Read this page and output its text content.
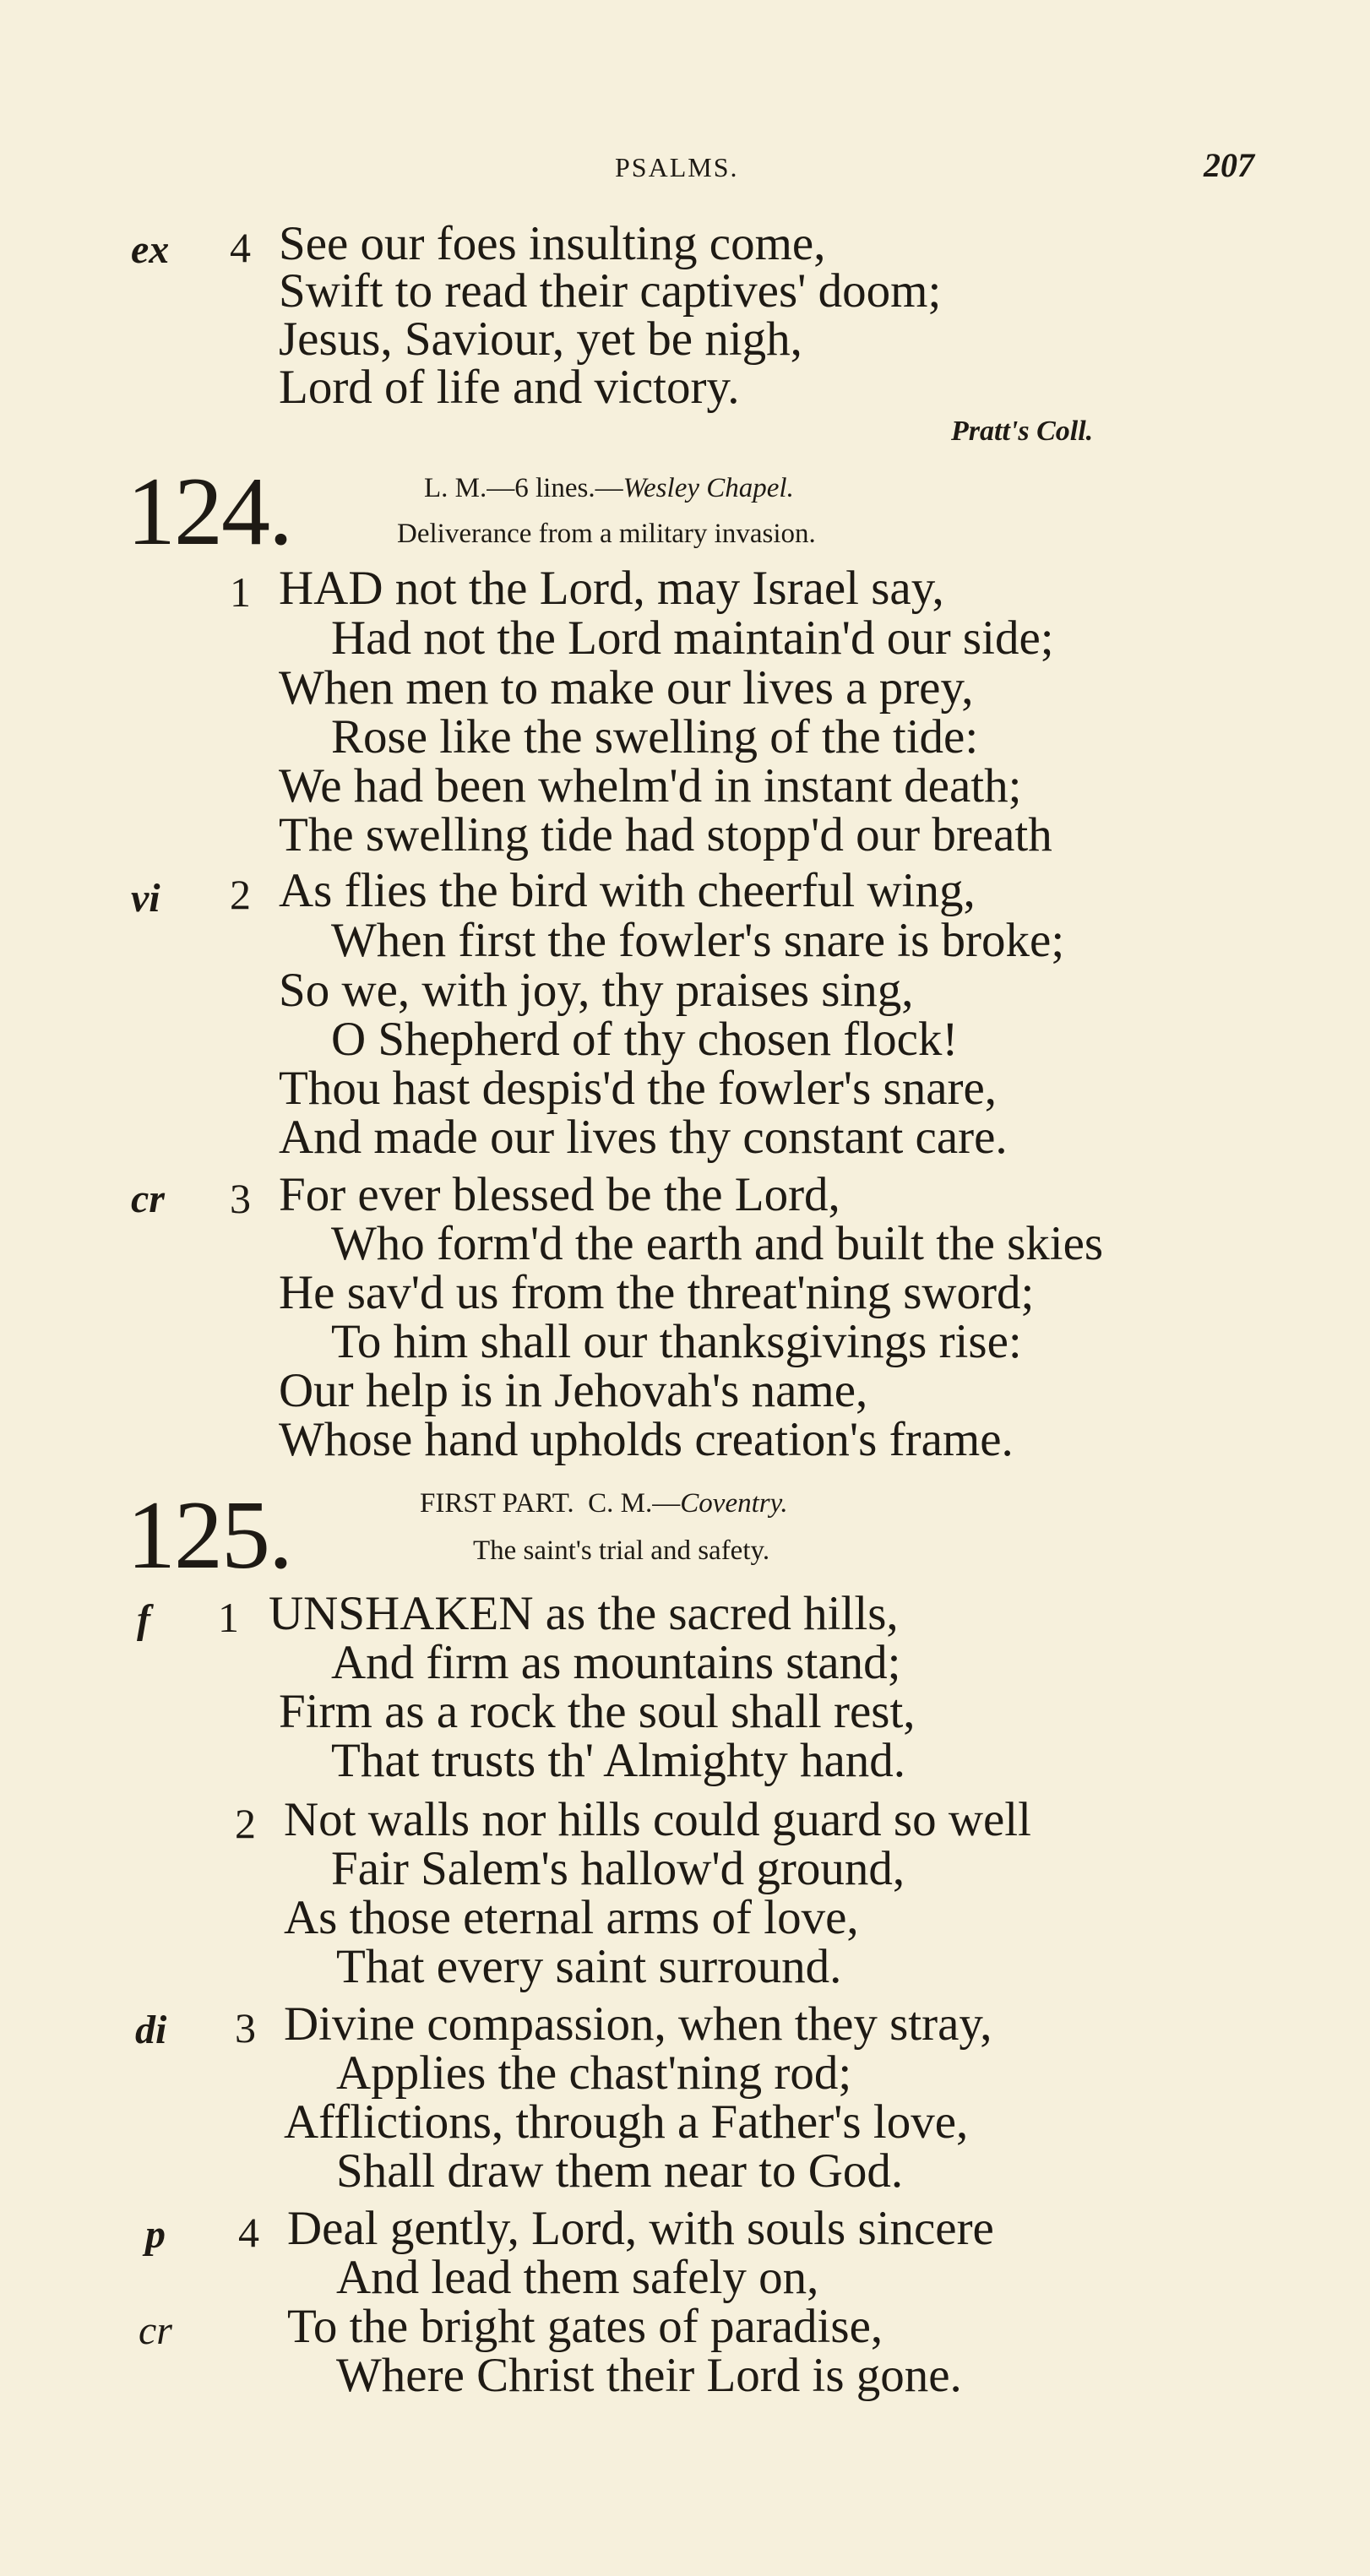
PSALMS.	207
ex 4 See our foes insulting come,
Swift to read their captives' doom;
Jesus, Saviour, yet be nigh,
Lord of life and victory.
Pratt's Coll.
124.	L. M.—6 lines.—Wesley Chapel.
Deliverance from a military invasion.
1 HAD not the Lord, may Israel say,
Had not the Lord maintain'd our side;
When men to make our lives a prey,
Rose like the swelling of the tide:
We had been whelm'd in instant death;
The swelling tide had stopp'd our breath
vi 2 As flies the bird with cheerful wing,
When first the fowler's snare is broke;
So we, with joy, thy praises sing,
O Shepherd of thy chosen flock!
Thou hast despis'd the fowler's snare,
And made our lives thy constant care.
cr 3 For ever blessed be the Lord,
Who form'd the earth and built the skies
He sav'd us from the threat'ning sword;
To him shall our thanksgivings rise:
Our help is in Jehovah's name,
Whose hand upholds creation's frame.
125.	FIRST PART. C. M.—Coventry.
The saint's trial and safety.
f 1 UNSHAKEN as the sacred hills,
And firm as mountains stand;
Firm as a rock the soul shall rest,
That trusts th' Almighty hand.
2 Not walls nor hills could guard so well
Fair Salem's hallow'd ground,
As those eternal arms of love,
That every saint surround.
di 3 Divine compassion, when they stray,
Applies the chast'ning rod;
Afflictions, through a Father's love,
Shall draw them near to God.
p 4 Deal gently, Lord, with souls sincere
And lead them safely on,
cr To the bright gates of paradise,
Where Christ their Lord is gone.
